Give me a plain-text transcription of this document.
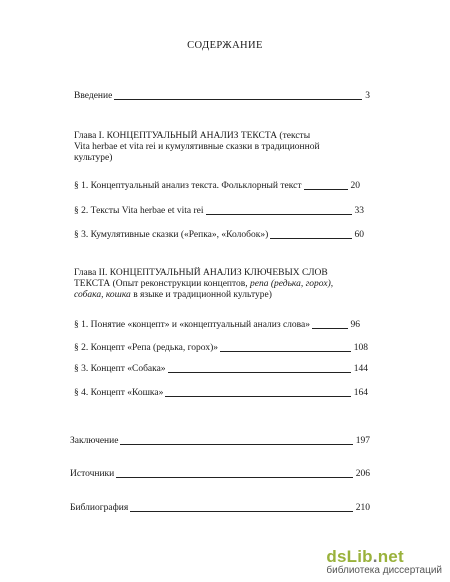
СОДЕРЖАНИЕ
Введение	3
Глава I. КОНЦЕПТУАЛЬНЫЙ АНАЛИЗ ТЕКСТА (тексты
Vita herbae et vita rei и кумулятивные сказки в традиционной
культуре)
§ 1. Концептуальный анализ текста. Фольклорный текст	20
§ 2. Тексты Vita herbae et vita rei	33
§ 3. Кумулятивные сказки («Репка», «Колобок»)	60
Глава II. КОНЦЕПТУАЛЬНЫЙ АНАЛИЗ КЛЮЧЕВЫХ СЛОВ
ТЕКСТА (Опыт реконструкции концептов, репа (редька, горох),
собака, кошка в языке и традиционной культуре)
§ 1. Понятие «концепт» и «концептуальный анализ слова»	96
§ 2. Концепт «Репа (редька, горох)»	108
§ 3. Концепт «Собака»	144
§ 4. Концепт «Кошка»	164
Заключение	197
Источники	206
Библиография	210
dsLib.net
библиотека диссертаций
